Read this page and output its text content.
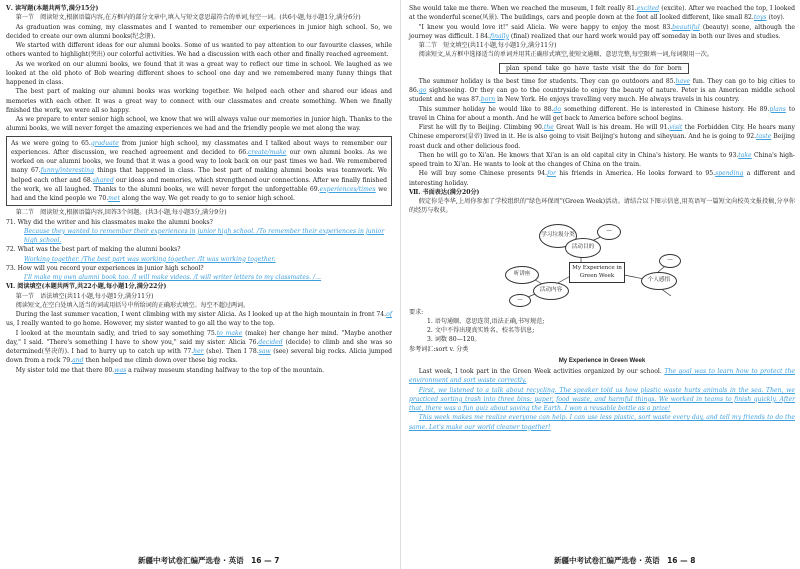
Ⅴ. 读写题(本题共两节,满分15分)

第一节　阅读短文,根据语篇内容,在方框内的部分文章中,填入与短文意思最符合的单词,每空一词。(共6小题,每小题1分,满分6分)

As graduation was coming, my classmates and I wanted to remember our experiences in junior high school. So, we decided to create our own alumni books(纪念册).

We started with different ideas for our alumni books. Some of us wanted to pay attention to our favourite classes, while others wanted to highlight(突出) our colorful activities. We had a discussion with each other and finally reached agreement.

As we worked on our alumni books, we found that it was a great way to reflect our time in school. We laughed as we looked at the old photo of Bob wearing different shoes to school one day and we remembered many funny things that happened in class.

The best part of making our alumni books was working together. We helped each other and shared our ideas and memories with each other. It was a great way to connect with our classmates and create something. When we finally finished the work, we were all so happy.

As we prepare to enter senior high school, we know that we will always value our memories in junior high. Thanks to the alumni books, we will never forget the amazing experiences we had and the friendly people we met along the way.

As we were going to 65.graduate from junior high school, my classmates and I talked about ways to remember our experiences. After discussion, we reached agreement and decided to 66.create/make our own alumni books. As we worked on our alumni books, we found that it was a good way to look back on our past times we had. We remembered many 67.funny/interesting things that happened in class. The best part of making alumni books was teamwork. We helped each other and 68.shared our ideas and memories, which strengthened our connections. After we finally finished the work, we all laughed. Thanks to the alumni books, we will never forget the unforgettable 69.experiences/times we had and the kind people we 70.met along the way. We get ready to go to senior high school.

第二节　阅读短文,根据语篇内容,回答3个问题。(共3小题,每小题3分,满分9分)

71. Why did the writer and his classmates make the alumni books?

Because they wanted to remember their experiences in junior high school. /To remember their experiences in junior high school.

72. What was the best part of making the alumni books?

Working together. /The best part was working together. /It was working together.

73. How will you record your experiences in junior high school?

I'll make my own alumni book too. /I will make videos. /I will writer letters to my classmates. /…

Ⅵ. 阅读填空(本题共两节,共22小题,每小题1分,满分22分)

第一节　语法填空(共11小题,每小题1分,满分11分)

阅读短文,在空白处填入适当的词或用括号中所给词的正确形式填空。每空不超过两词。

During the last summer vacation, I went climbing with my sister Alicia. As I looked up at the high mountain in front 74.of us, I really wanted to go home. However, my sister wanted to go all the way to the top.

I looked at the mountain sadly, and tried to say something 75.to make (make) her change her mind. "Maybe another day," I said. "There's something I have to show you," said my sister. Alicia 76.decided (decide) to climb and she was so determined(坚决的). I had to hurry up to catch up with 77.her (she). Then I 78.saw (see) several big rocks. Alicia jumped down from a rock 79.and then helped me climb down over these big rocks.

My sister told me that there 80.was a railway museum standing halfway to the top of the mountain.

She would take me there. When we reached the museum, I felt really 81.excited (excite). After we reached the top, I looked at the wonderful scene(风景). The buildings, cars and people down at the foot all looked different, like small 82.toys (toy).

"I knew you would love it!" said Alicia. We were happy to enjoy the most 83.beautiful (beauty) scene, although the journey was difficult. I 84.finally (final) realized that our hard work would pay off someday in both our lives and studies.

第二节　短文填空(共11小题,每小题1分,满分11分)

阅读短文,从方框中选择适当的单词并用其正确形式填空,使短文通顺、意思完整,每空限填一词,每词限用一次。

plan spend take go have taste visit the do for born

The summer holiday is the best time for students. They can go outdoors and 85.have fun. They can go to big cities to 86.go sightseeing. Or they can go to the countryside to enjoy the beauty of nature. Peter is an American middle school student and he was 87.born in New York. He enjoys travelling very much. He always travels in his country.

This summer holiday he would like to 88.do something different. He is interested in Chinese history. He 89.plans to travel in China for about a month. And he will get back to America before school begins.

First he will fly to Beijing. Climbing 90.the Great Wall is his dream. He will 91.visit the Forbidden City. He hears many Chinese emperors(皇帝) lived in it. He is also going to visit Beijing's hutong and siheyuan. And he is going to 92.taste Beijing roast duck and other delicious food.

Then he will go to Xi'an. He knows that Xi'an is an old capital city in China's history. He wants to 93.take China's high-speed train to Xi'an. He wants to look at the changes of China on the train.

He will buy some Chinese presents 94.for his friends in America. He looks forward to 95.spending a different and interesting holiday.

Ⅶ. 书面表达(满分20分)

假定你是李华,上周你参加了学校组织的"绿色环保周"(Green Week)活动。请结合以下图示信息,用英语写一篇短文向校英文报投稿,分享你的经历与收获。

学习垃圾分类
—
活动目的
听讲座
My Experience in Green Week
活动内容
—
个人感悟
—

要求:

1. 语句通顺、意思连贯,语法正确,书写规范;

2. 文中不得出现真实姓名、校名等信息;

3. 词数 80—120。

参考词汇:sort v. 分类

My Experience in Green Week

Last week, I took part in the Green Week activities organized by our school. The goal was to learn how to protect the environment and sort waste correctly.

First, we listened to a talk about recycling. The speaker told us how plastic waste hurts animals in the sea. Then, we practiced sorting trash into three bins: paper, food waste, and harmful things. We worked in teams to finish quickly. After that, there was a fun quiz about saving the Earth. I won a reusable bottle as a prize!

This week makes me realize everyone can help. I can use less plastic, sort waste every day, and tell my friends to do the same. Let's make our world cleaner together!

新疆中考试卷汇编严选卷 · 英语　16 — 7	新疆中考试卷汇编严选卷 · 英语　16 — 8
